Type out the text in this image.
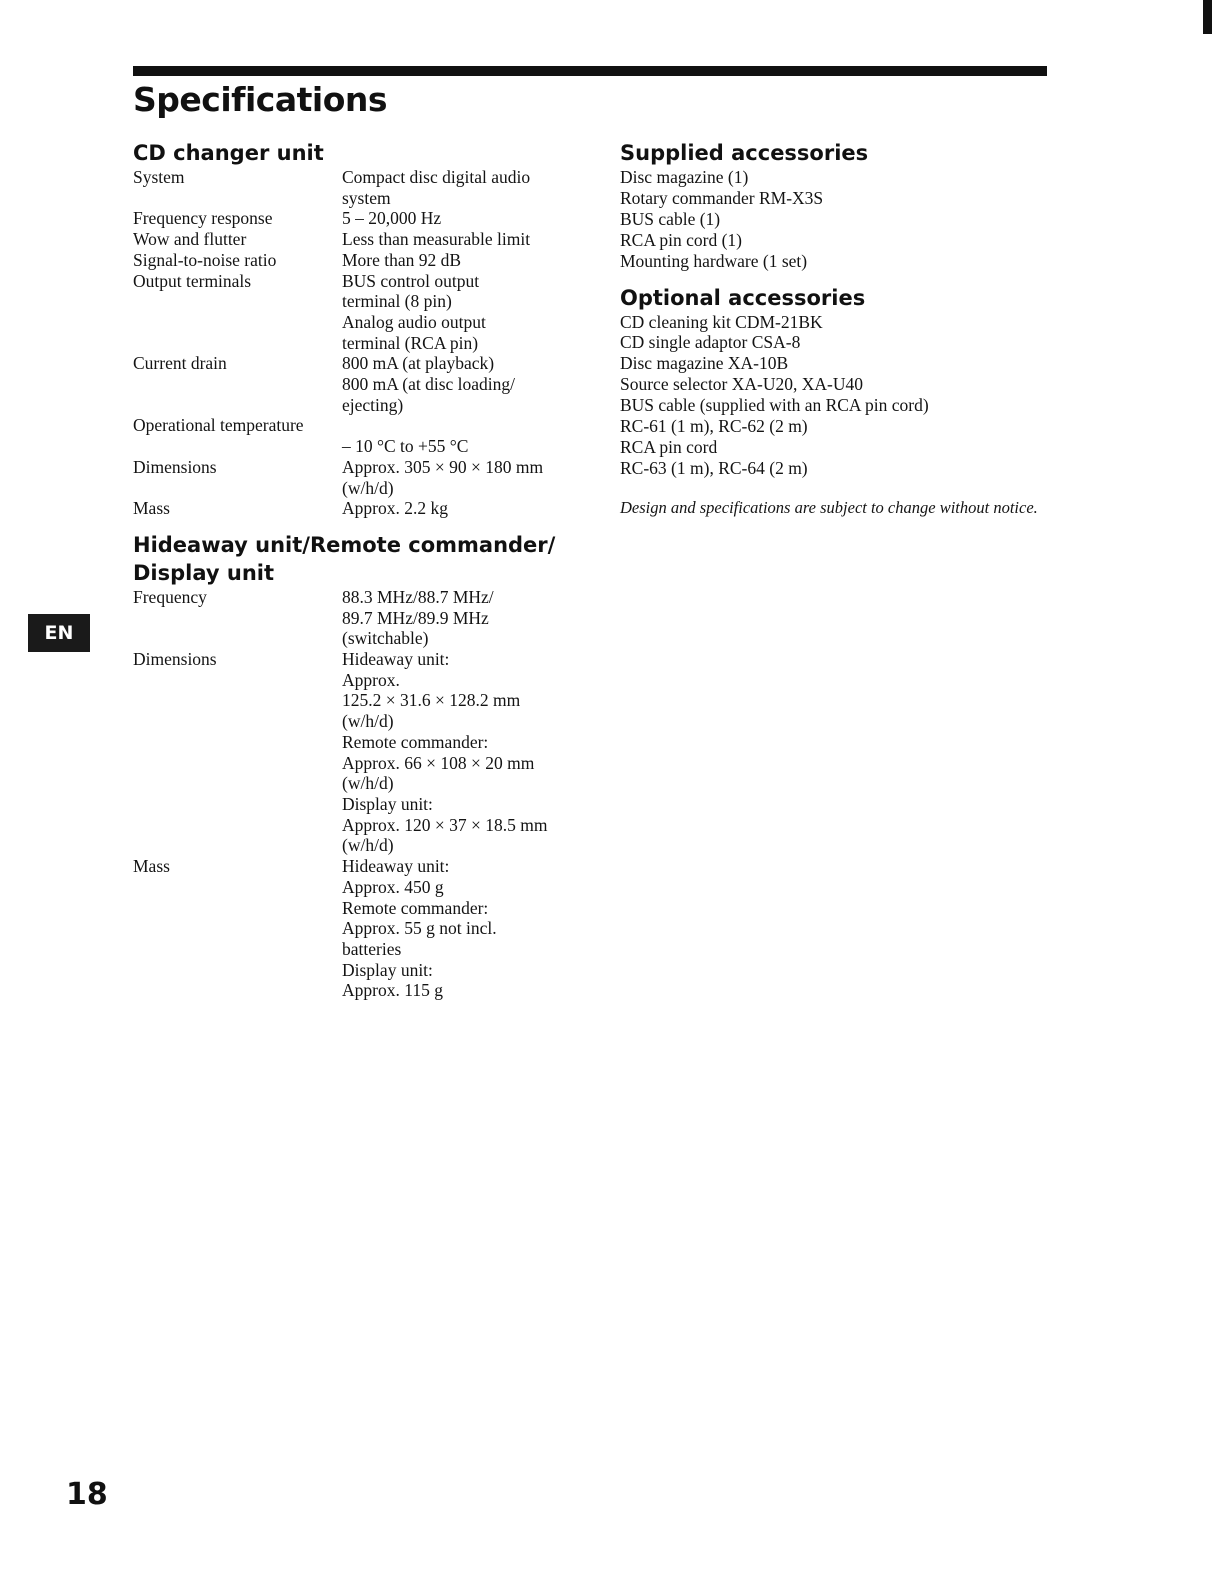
Specifications
CD changer unit
System	Compact disc digital audio
system
Frequency response	5 – 20,000 Hz
Wow and flutter	Less than measurable limit
Signal-to-noise ratio	More than 92 dB
Output terminals	BUS control output
terminal (8 pin)
Analog audio output
terminal (RCA pin)
Current drain	800 mA (at playback)
800 mA (at disc loading/
ejecting)
Operational temperature

– 10 °C to +55 °C
Dimensions	Approx. 305 × 90 × 180 mm
(w/h/d)
Mass	Approx. 2.2 kg
Hideaway unit/Remote commander/
Display unit
Frequency	88.3 MHz/88.7 MHz/
89.7 MHz/89.9 MHz
(switchable)
Dimensions	Hideaway unit:
Approx.
125.2 × 31.6 × 128.2 mm
(w/h/d)
Remote commander:
Approx. 66 × 108 × 20 mm
(w/h/d)
Display unit:
Approx. 120 × 37 × 18.5 mm
(w/h/d)
Mass	Hideaway unit:
Approx. 450 g
Remote commander:
Approx. 55 g not incl.
batteries
Display unit:
Approx. 115 g
Supplied accessories
Disc magazine (1)
Rotary commander RM-X3S
BUS cable (1)
RCA pin cord (1)
Mounting hardware (1 set)
Optional accessories
CD cleaning kit CDM-21BK
CD single adaptor CSA-8
Disc magazine XA-10B
Source selector XA-U20, XA-U40
BUS cable (supplied with an RCA pin cord)
RC-61 (1 m), RC-62 (2 m)
RCA pin cord
RC-63 (1 m), RC-64 (2 m)

Design and specifications are subject to change without notice.

EN
18
